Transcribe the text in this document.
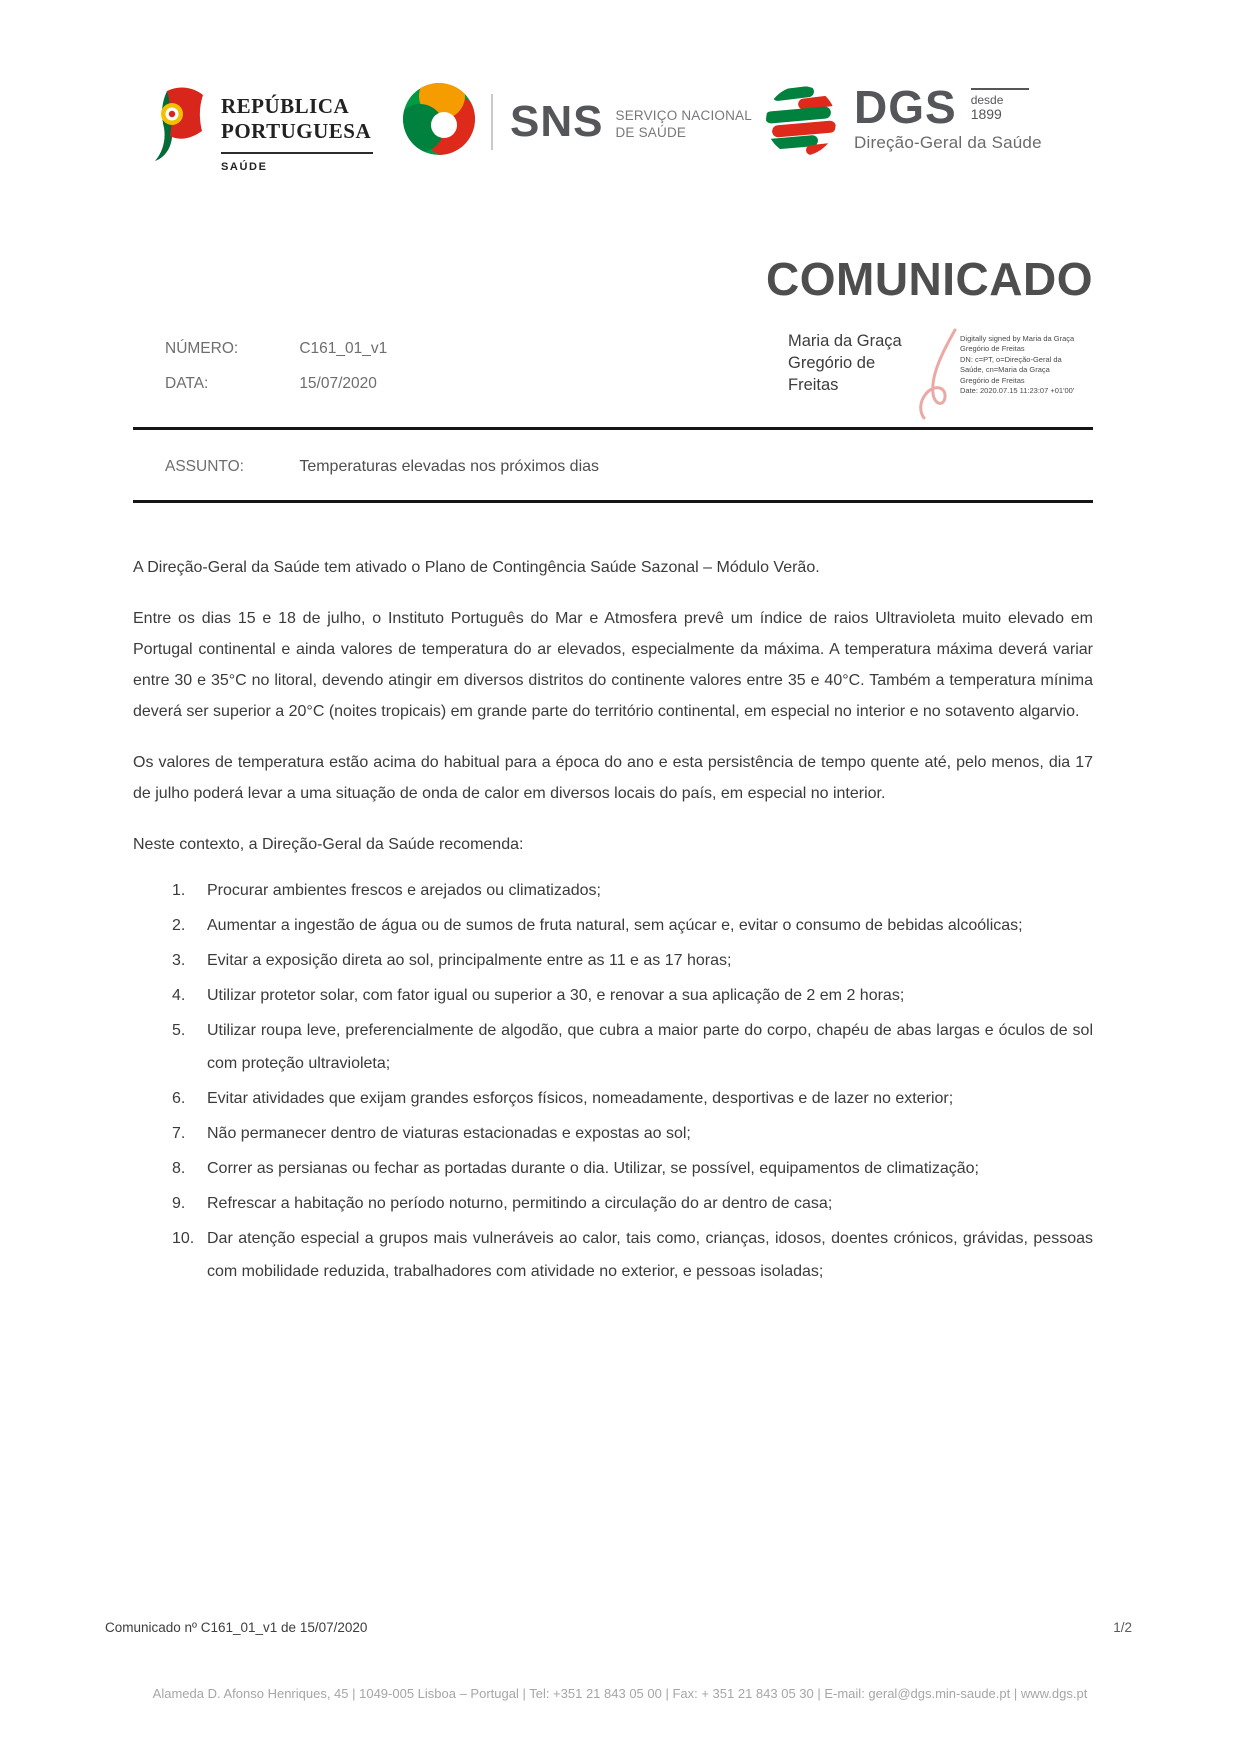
REPÚBLICA
PORTUGUESA
SAÚDE
SNS SERVIÇO NACIONAL
DE SAÚDE	DGS desde
1899
Direção-Geral da Saúde
COMUNICADO
NÚMERO:	C161_01_v1
DATA:	15/07/2020
Maria da Graça Gregório de Freitas
Digitally signed by Maria da Graça
Gregório de Freitas
DN: c=PT, o=Direção-Geral da
Saúde, cn=Maria da Graça
Gregório de Freitas
Date: 2020.07.15 11:23:07 +01'00'
ASSUNTO:	Temperaturas elevadas nos próximos dias

A Direção-Geral da Saúde tem ativado o Plano de Contingência Saúde Sazonal – Módulo Verão.

Entre os dias 15 e 18 de julho, o Instituto Português do Mar e Atmosfera prevê um índice de raios Ultravioleta muito elevado em Portugal continental e ainda valores de temperatura do ar elevados, especialmente da máxima. A temperatura máxima deverá variar entre 30 e 35°C no litoral, devendo atingir em diversos distritos do continente valores entre 35 e 40°C. Também a temperatura mínima deverá ser superior a 20°C (noites tropicais) em grande parte do território continental, em especial no interior e no sotavento algarvio.

Os valores de temperatura estão acima do habitual para a época do ano e esta persistência de tempo quente até, pelo menos, dia 17 de julho poderá levar a uma situação de onda de calor em diversos locais do país, em especial no interior.

Neste contexto, a Direção-Geral da Saúde recomenda:

Procurar ambientes frescos e arejados ou climatizados;
Aumentar a ingestão de água ou de sumos de fruta natural, sem açúcar e, evitar o consumo de bebidas alcoólicas;
Evitar a exposição direta ao sol, principalmente entre as 11 e as 17 horas;
Utilizar protetor solar, com fator igual ou superior a 30, e renovar a sua aplicação de 2 em 2 horas;
Utilizar roupa leve, preferencialmente de algodão, que cubra a maior parte do corpo, chapéu de abas largas e óculos de sol com proteção ultravioleta;
Evitar atividades que exijam grandes esforços físicos, nomeadamente, desportivas e de lazer no exterior;
Não permanecer dentro de viaturas estacionadas e expostas ao sol;
Correr as persianas ou fechar as portadas durante o dia. Utilizar, se possível, equipamentos de climatização;
Refrescar a habitação no período noturno, permitindo a circulação do ar dentro de casa;
Dar atenção especial a grupos mais vulneráveis ao calor, tais como, crianças, idosos, doentes crónicos, grávidas, pessoas com mobilidade reduzida, trabalhadores com atividade no exterior, e pessoas isoladas;
Comunicado nº C161_01_v1 de 15/07/2020	1/2
Alameda D. Afonso Henriques, 45 | 1049-005 Lisboa – Portugal | Tel: +351 21 843 05 00 | Fax: + 351 21 843 05 30 | E-mail: geral@dgs.min-saude.pt | www.dgs.pt
